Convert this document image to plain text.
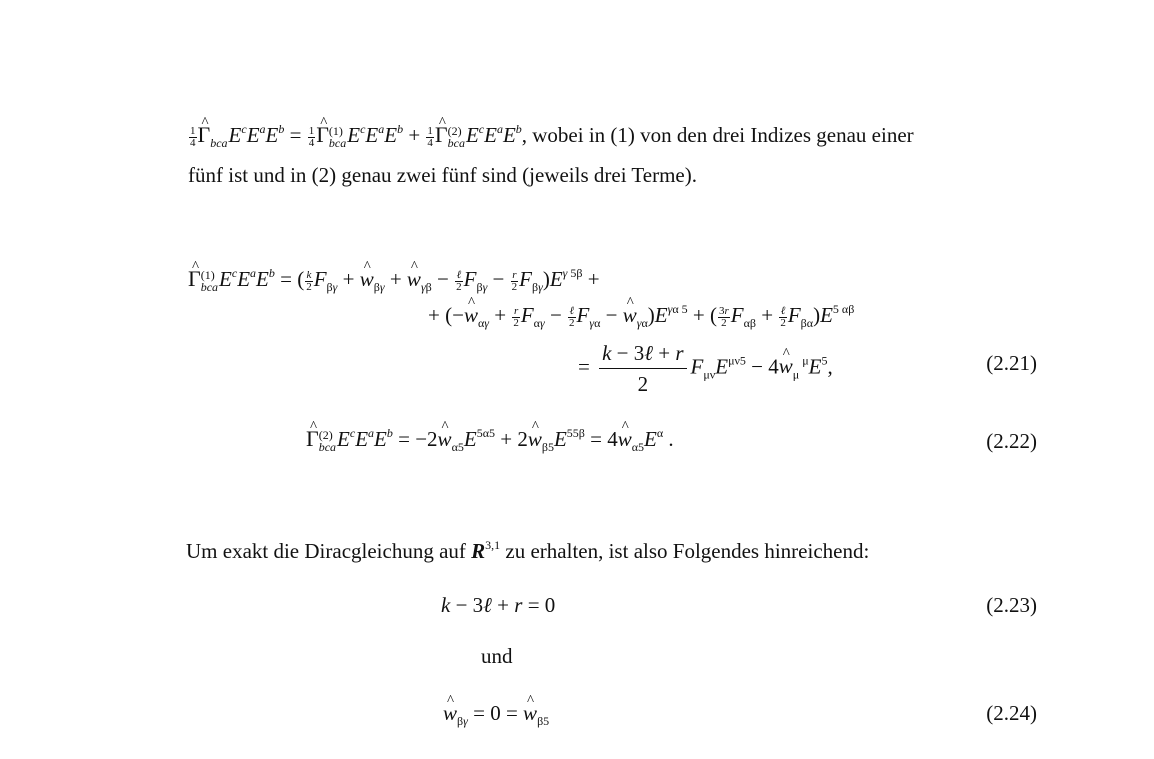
$\frac{1}{4}$ ^ Γ
bca $E^cE^aE^b = \frac{1}{4}$ ^ Γ (1)
bca $E^cE^aE^b + \frac{1}{4}$ ^ Γ (2)
bca $E^cE^aE^b$, wobei in (1) von den drei Indizes genau einer
fünf ist und in (2) genau zwei fünf sind (jeweils drei Terme).
^ Γ (1)
bca $E^cE^aE^b$ = ( $\frac{k}{2} F_{\beta\gamma}$ + ^ $w_{\beta\gamma}$ + ^ $w_{\gamma\beta} - \frac{\text{ℓ}}{2} F_{\beta\gamma} - \frac{r}{2} F_{\beta\gamma})E^{\gamma 5\beta}$ +
+ (−^ $w_{\alpha\gamma} + \frac{r}{2} F_{\alpha\gamma} - \frac{\text{ℓ}}{2} F_{\gamma\alpha}$ − ^ $w_{\gamma\alpha})E^{\gamma\alpha 5}$ + ( $\frac{3r}{2} F_{\alpha\beta} + \frac{\text{ℓ}}{2} F_{\beta\alpha})E^{5 \alpha\beta}$
=
k − 3ℓ + r
2
$F_{\mu\nu}E^{\mu\nu 5}$ − 4^ $w_\mu$ $^\mu E^5$,	(2.21)
^ Γ (2)
bca $E^cE^aE^b$ = −2^ $w_{\alpha 5}E^{5\alpha 5}$ + 2^ $w_{\beta 5}E^{55\beta}$ = 4^ $w_{\alpha 5}E^\alpha$ .	(2.22)
Um exakt die Diracgleichung auf R$^{3,1}$ zu erhalten, ist also Folgendes hinreichend:
k − 3ℓ + r = 0	(2.23)
und
^ $w_{\beta\gamma} = 0$ = ^ $w_{\beta 5}$	(2.24)
